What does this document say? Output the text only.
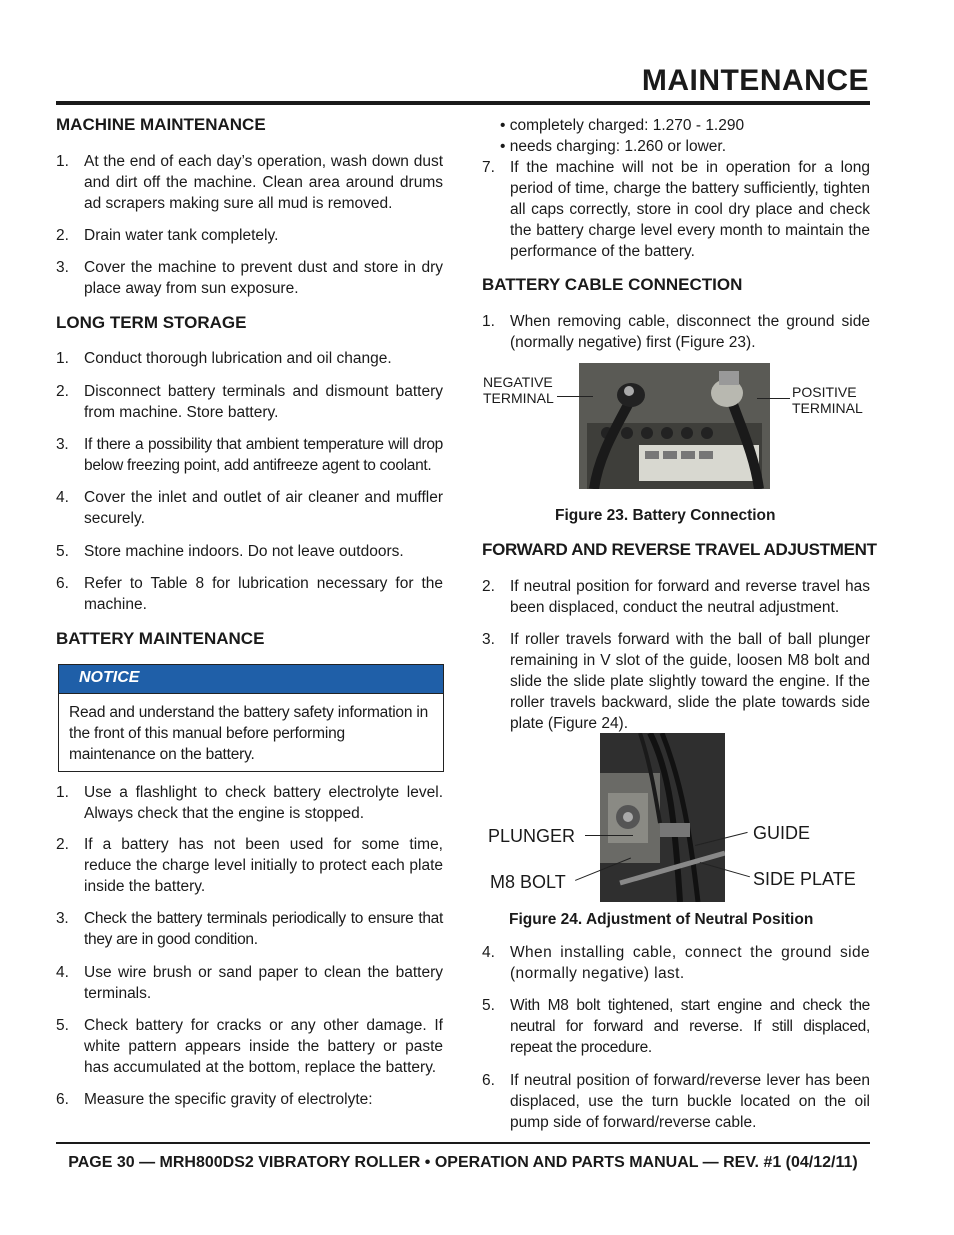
MAINTENANCE
MACHINE MAINTENANCE
1. At the end of each day’s operation, wash down dust and dirt off the machine. Clean area around drums ad scrapers making sure all mud is removed.
2. Drain water tank completely.
3. Cover the machine to prevent dust and store in dry place away from sun exposure.
LONG TERM STORAGE
1. Conduct thorough lubrication and oil change.
2. Disconnect battery terminals and dismount battery from machine. Store battery.
3. If there a possibility that ambient temperature will drop below freezing point, add antifreeze agent to coolant.
4. Cover the inlet and outlet of air cleaner and muffler securely.
5. Store machine indoors. Do not leave outdoors.
6. Refer to Table 8 for lubrication necessary for the machine.
BATTERY MAINTENANCE
NOTICE
Read and understand the battery safety information in the front of this manual before performing maintenance on the battery.
1. Use a flashlight to check battery electrolyte level. Always check that the engine is stopped.
2. If a battery has not been used for some time, reduce the charge level initially to protect each plate inside the battery.
3. Check the battery terminals periodically to ensure that they are in good condition.
4. Use wire brush or sand paper to clean the battery terminals.
5. Check battery for cracks or any other damage. If white pattern appears inside the battery or paste has accumulated at the bottom, replace the battery.
6. Measure the specific gravity of electrolyte:
• completely charged: 1.270 - 1.290
• needs charging: 1.260 or lower.
7. If the machine will not be in operation for a long period of time, charge the battery sufficiently, tighten all caps correctly, store in cool dry place and check the battery charge level every month to maintain the performance of the battery.
BATTERY CABLE CONNECTION
1. When removing cable, disconnect the ground side (normally negative) first (Figure 23).
NEGATIVE TERMINAL	POSITIVE TERMINAL
Figure 23. Battery Connection
FORWARD AND REVERSE TRAVEL ADJUSTMENT
2. If neutral position for forward and reverse travel has been displaced, conduct the neutral adjustment.
3. If roller travels forward with the ball of ball plunger remaining in V slot of the guide, loosen M8 bolt and slide the slide plate slightly toward the engine. If the roller travels backward, slide the plate towards side plate (Figure 24).
PLUNGER
M8 BOLT
GUIDE
SIDE PLATE
Figure 24. Adjustment of Neutral Position
4. When installing cable, connect the ground side (normally negative) last.
5. With M8 bolt tightened, start engine and check the neutral for forward and reverse. If still displaced, repeat the procedure.
6. If neutral position of forward/reverse lever has been displaced, use the turn buckle located on the oil pump side of forward/reverse cable.
PAGE 30 — MRH800DS2 VIBRATORY ROLLER • OPERATION AND PARTS MANUAL — REV. #1 (04/12/11)
